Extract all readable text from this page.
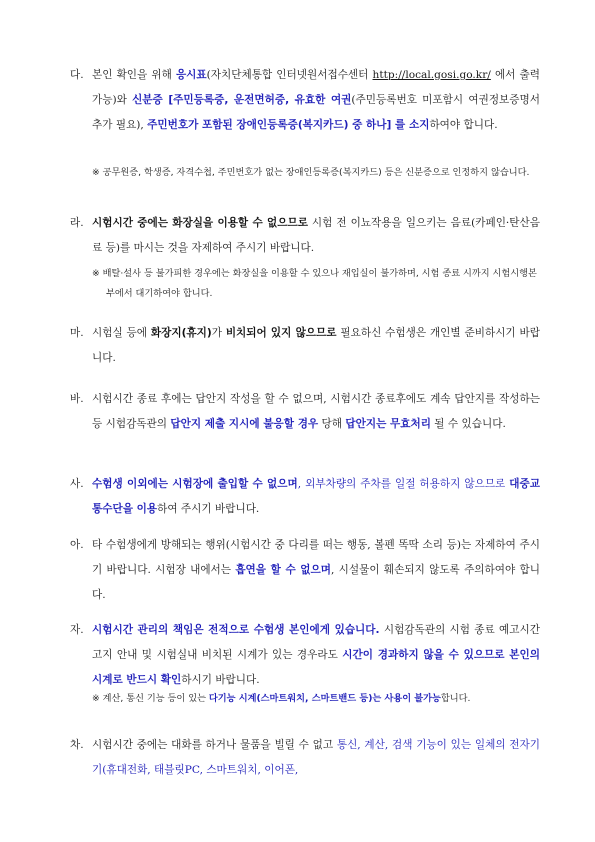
다. 본인 확인을 위해 응시표(자치단체통합 인터넷원서접수센터 http://local.gosi.go.kr/ 에서 출력 가능)와 신분증 [주민등록증, 운전면허증, 유효한 여권(주민등록번호 미포함시 여권정보증명서 추가 필요), 주민번호가 포함된 장애인등록증(복지카드) 중 하나] 를 소지하여야 합니다.
※ 공무원증, 학생증, 자격수첩, 주민번호가 없는 장애인등록증(복지카드) 등은 신분증으로 인정하지 않습니다.
라. 시험시간 중에는 화장실을 이용할 수 없으므로 시험 전 이뇨작용을 일으키는 음료(카페인·탄산음료 등)를 마시는 것을 자제하여 주시기 바랍니다.
※ 배탈·설사 등 불가피한 경우에는 화장실을 이용할 수 있으나 재입실이 불가하며, 시험 종료 시까지 시험시행본부에서 대기하여야 합니다.
마. 시험실 등에 화장지(휴지)가 비치되어 있지 않으므로 필요하신 수험생은 개인별 준비하시기 바랍니다.
바. 시험시간 종료 후에는 답안지 작성을 할 수 없으며, 시험시간 종료후에도 계속 답안지를 작성하는 등 시험감독관의 답안지 제출 지시에 불응할 경우 당해 답안지는 무효처리 될 수 있습니다.
사. 수험생 이외에는 시험장에 출입할 수 없으며, 외부차량의 주차를 일절 허용하지 않으므로 대중교통수단을 이용하여 주시기 바랍니다.
아. 타 수험생에게 방해되는 행위(시험시간 중 다리를 떠는 행동, 볼펜 똑딱 소리 등)는 자제하여 주시기 바랍니다. 시험장 내에서는 흡연을 할 수 없으며, 시설물이 훼손되지 않도록 주의하여야 합니다.
자. 시험시간 관리의 책임은 전적으로 수험생 본인에게 있습니다. 시험감독관의 시험 종료 예고시간 고지 안내 및 시험실내 비치된 시계가 있는 경우라도 시간이 경과하지 않을 수 있으므로 본인의 시계로 반드시 확인하시기 바랍니다.
※ 계산, 통신 기능 등이 있는 다기능 시계(스마트워치, 스마트밴드 등)는 사용이 불가능합니다.
차. 시험시간 중에는 대화를 하거나 물품을 빌릴 수 없고 통신, 계산, 검색 기능이 있는 일체의 전자기기(휴대전화, 태블릿PC, 스마트워치, 이어폰,
